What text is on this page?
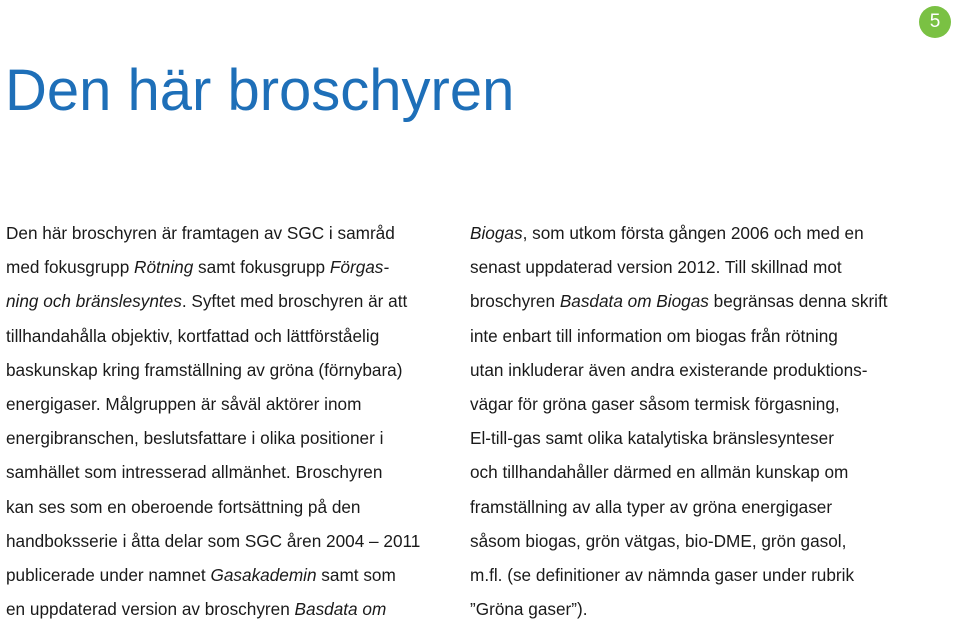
5
Den här broschyren
Den här broschyren är framtagen av SGC i samråd
med fokusgrupp Rötning samt fokusgrupp Förgas-
ning och bränslesyntes. Syftet med broschyren är att
tillhandahålla objektiv, kortfattad och lättförståelig
baskunskap kring framställning av gröna (förnybara)
energigaser. Målgruppen är såväl aktörer inom
energibranschen, beslutsfattare i olika positioner i
samhället som intresserad allmänhet. Broschyren
kan ses som en oberoende fortsättning på den
handboksserie i åtta delar som SGC åren 2004 – 2011
publicerade under namnet Gasakademin samt som
en uppdaterad version av broschyren Basdata om
Biogas, som utkom första gången 2006 och med en
senast uppdaterad version 2012. Till skillnad mot
broschyren Basdata om Biogas begränsas denna skrift
inte enbart till information om biogas från rötning
utan inkluderar även andra existerande produktions-
vägar för gröna gaser såsom termisk förgasning,
El-till-gas samt olika katalytiska bränslesynteser
och tillhandahåller därmed en allmän kunskap om
framställning av alla typer av gröna energigaser
såsom biogas, grön vätgas, bio-DME, grön gasol,
m.fl. (se definitioner av nämnda gaser under rubrik
”Gröna gaser”).
